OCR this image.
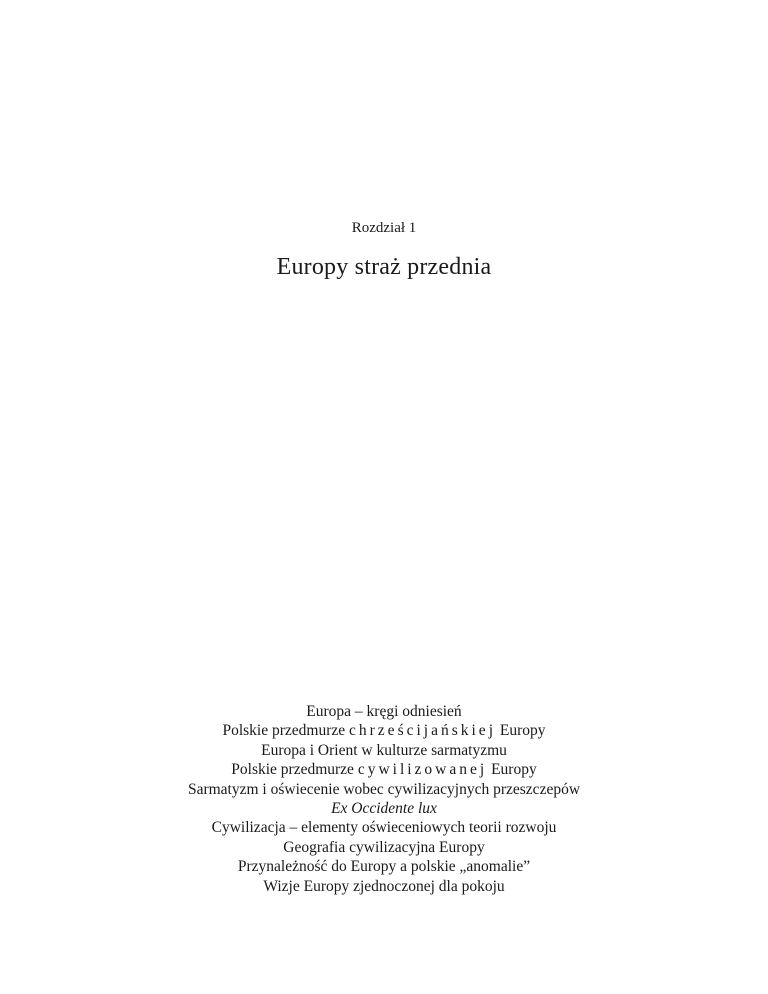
Rozdział 1
Europy straż przednia
Europa – kręgi odniesień
Polskie przedmurze chrześcijańskiej Europy
Europa i Orient w kulturze sarmatyzmu
Polskie przedmurze cywilizowanej Europy
Sarmatyzm i oświecenie wobec cywilizacyjnych przeszczepów
Ex Occidente lux
Cywilizacja – elementy oświeceniowych teorii rozwoju
Geografia cywilizacyjna Europy
Przynależność do Europy a polskie „anomalie”
Wizje Europy zjednoczonej dla pokoju
